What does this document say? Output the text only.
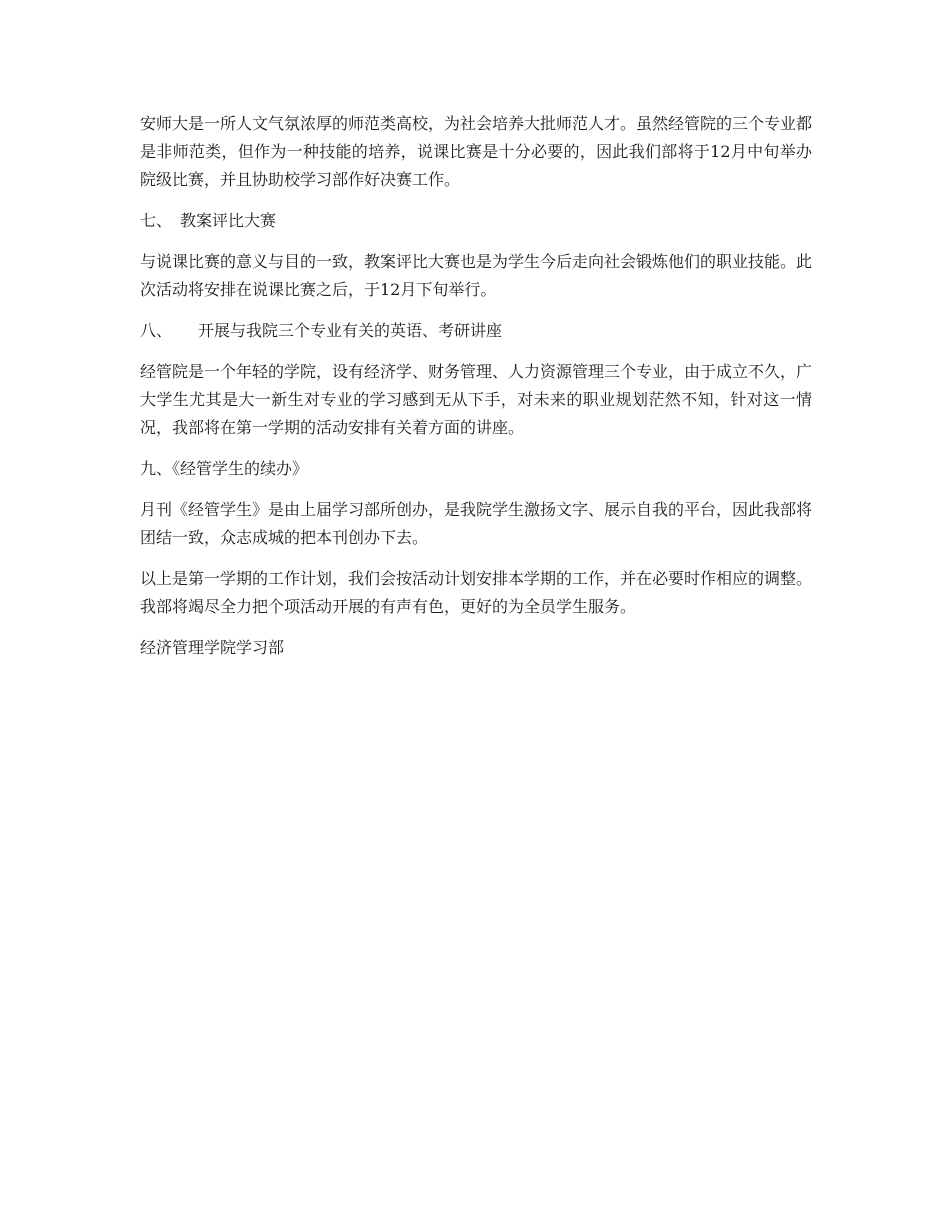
安师大是一所人文气氛浓厚的师范类高校，为社会培养大批师范人才。虽然经管院的三个专业都是非师范类，但作为一种技能的培养，说课比赛是十分必要的，因此我们部将于12月中旬举办院级比赛，并且协助校学习部作好决赛工作。

七、 教案评比大赛

与说课比赛的意义与目的一致，教案评比大赛也是为学生今后走向社会锻炼他们的职业技能。此次活动将安排在说课比赛之后，于12月下旬举行。

八、 开展与我院三个专业有关的英语、考研讲座

经管院是一个年轻的学院，设有经济学、财务管理、人力资源管理三个专业，由于成立不久，广大学生尤其是大一新生对专业的学习感到无从下手，对未来的职业规划茫然不知，针对这一情况，我部将在第一学期的活动安排有关着方面的讲座。

九、《经管学生的续办》

月刊《经管学生》是由上届学习部所创办，是我院学生激扬文字、展示自我的平台，因此我部将团结一致，众志成城的把本刊创办下去。

以上是第一学期的工作计划，我们会按活动计划安排本学期的工作，并在必要时作相应的调整。我部将竭尽全力把个项活动开展的有声有色，更好的为全员学生服务。

经济管理学院学习部
